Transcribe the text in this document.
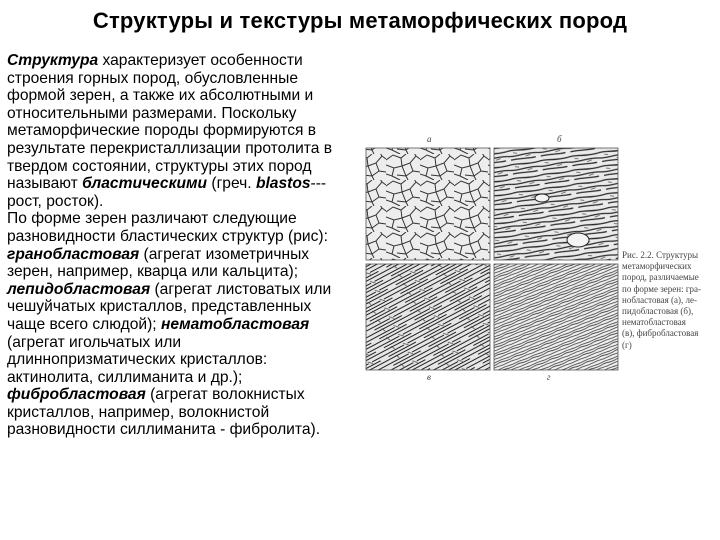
Структуры и текстуры метаморфических пород

Структура характеризует особенности строения горных пород, обусловленные формой зерен, а также их абсолютными и относительными размерами. Поскольку метаморфические породы формируются в результате перекристаллизации протолита в твердом состоянии, структуры этих пород называют бластическими (греч. blastos---рост, росток).

По форме зерен различают следующие разновидности бластических структур (рис): гранобластовая (агрегат изометричных зерен, например, кварца или кальцита); лепидобластовая (агрегат листоватых или чешуйчатых кристаллов, представленных чаще всего слюдой); нематобластовая (агрегат игольчатых или длиннопризматических кристаллов: актинолита, силлиманита и др.); фибробластовая (агрегат волокнистых кристаллов, например, волокнистой разновидности силлиманита - фибролита).

а	б
в	г
Рис. 2.2. Структуры
метаморфических
пород, различаемые
по форме зерен: гра-
нобластовая (а), ле-
пидобластовая (б),
нематобластовая
(в), фибробластовая
(г)
